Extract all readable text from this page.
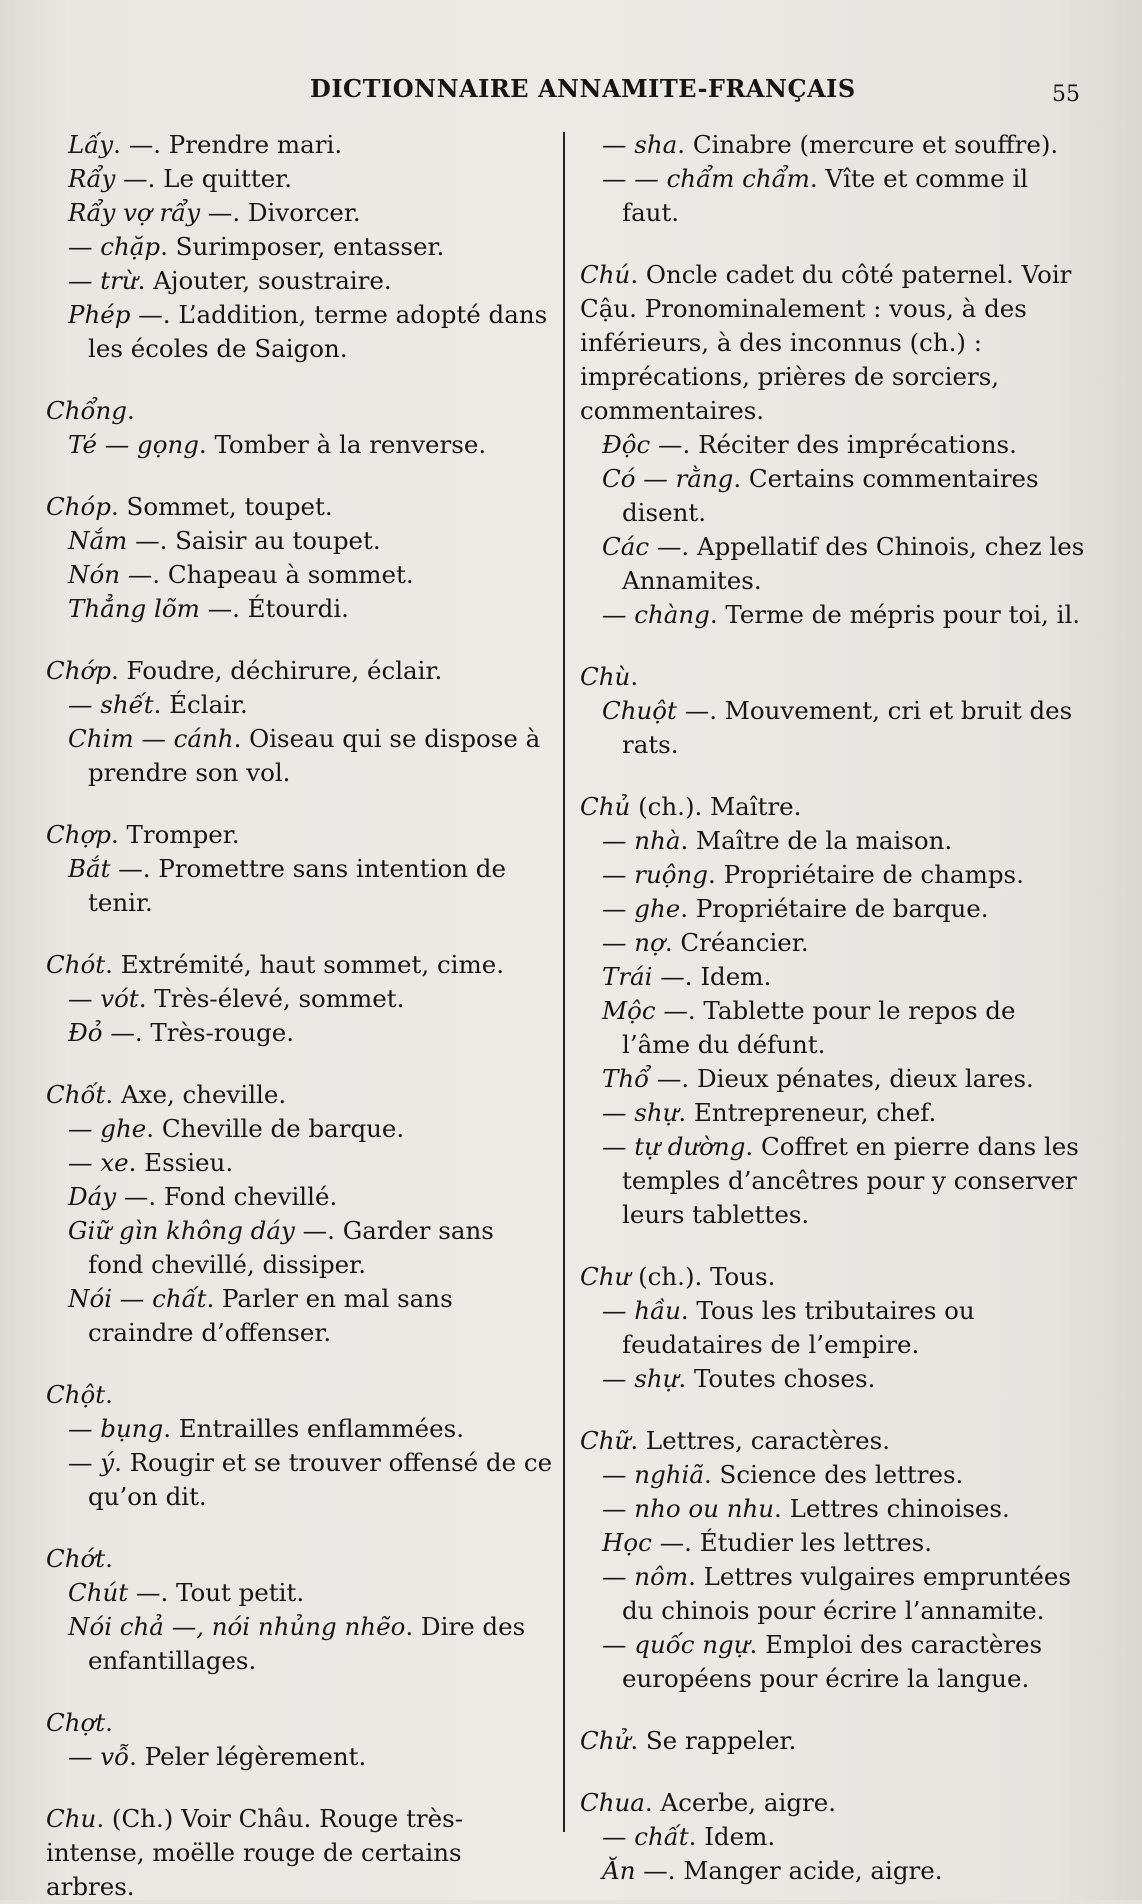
DICTIONNAIRE ANNAMITE-FRANÇAIS	55

Lấy. —. Prendre mari.

Rẩy —. Le quitter.

Rẩy vợ rẩy —. Divorcer.

— chặp. Surimposer, entasser.

— trừ. Ajouter, soustraire.

Phép —. L’addition, terme adopté dans les écoles de Saigon.

Chổng.

Té — gọng. Tomber à la renverse.

Chóp. Sommet, toupet.

Nắm —. Saisir au toupet.

Nón —. Chapeau à sommet.

Thẳng lõm —. Étourdi.

Chớp. Foudre, déchirure, éclair.

— shết. Éclair.

Chim — cánh. Oiseau qui se dispose à prendre son vol.

Chợp. Tromper.

Bắt —. Promettre sans intention de tenir.

Chót. Extrémité, haut sommet, cime.

— vót. Très-élevé, sommet.

Đỏ —. Très-rouge.

Chốt. Axe, cheville.

— ghe. Cheville de barque.

— xe. Essieu.

Dáy —. Fond chevillé.

Giữ gìn không dáy —. Garder sans fond chevillé, dissiper.

Nói — chất. Parler en mal sans craindre d’offenser.

Chột.

— bụng. Entrailles enflammées.

— ý. Rougir et se trouver offensé de ce qu’on dit.

Chớt.

Chút —. Tout petit.

Nói chả —, nói nhủng nhẽo. Dire des enfantillages.

Chợt.

— vỗ. Peler légèrement.

Chu. (Ch.) Voir Châu. Rouge très-intense, moëlle rouge de certains arbres.

— sha. Cinabre (mercure et souffre).

— — chẩm chẩm. Vîte et comme il faut.

Chú. Oncle cadet du côté paternel. Voir Cậu. Pronominalement : vous, à des inférieurs, à des inconnus (ch.) : imprécations, prières de sorciers, commentaires.

Độc —. Réciter des imprécations.

Có — rằng. Certains commentaires disent.

Các —. Appellatif des Chinois, chez les Annamites.

— chàng. Terme de mépris pour toi, il.

Chù.

Chuột —. Mouvement, cri et bruit des rats.

Chủ (ch.). Maître.

— nhà. Maître de la maison.

— ruộng. Propriétaire de champs.

— ghe. Propriétaire de barque.

— nợ. Créancier.

Trái —. Idem.

Mộc —. Tablette pour le repos de l’âme du défunt.

Thổ —. Dieux pénates, dieux lares.

— shự. Entrepreneur, chef.

— tự dường. Coffret en pierre dans les temples d’ancêtres pour y conserver leurs tablettes.

Chư (ch.). Tous.

— hầu. Tous les tributaires ou feudataires de l’empire.

— shự. Toutes choses.

Chữ. Lettres, caractères.

— nghiã. Science des lettres.

— nho ou nhu. Lettres chinoises.

Học —. Étudier les lettres.

— nôm. Lettres vulgaires empruntées du chinois pour écrire l’annamite.

— quốc ngự. Emploi des caractères européens pour écrire la langue.

Chử. Se rappeler.

Chua. Acerbe, aigre.

— chất. Idem.

Ăn —. Manger acide, aigre.
